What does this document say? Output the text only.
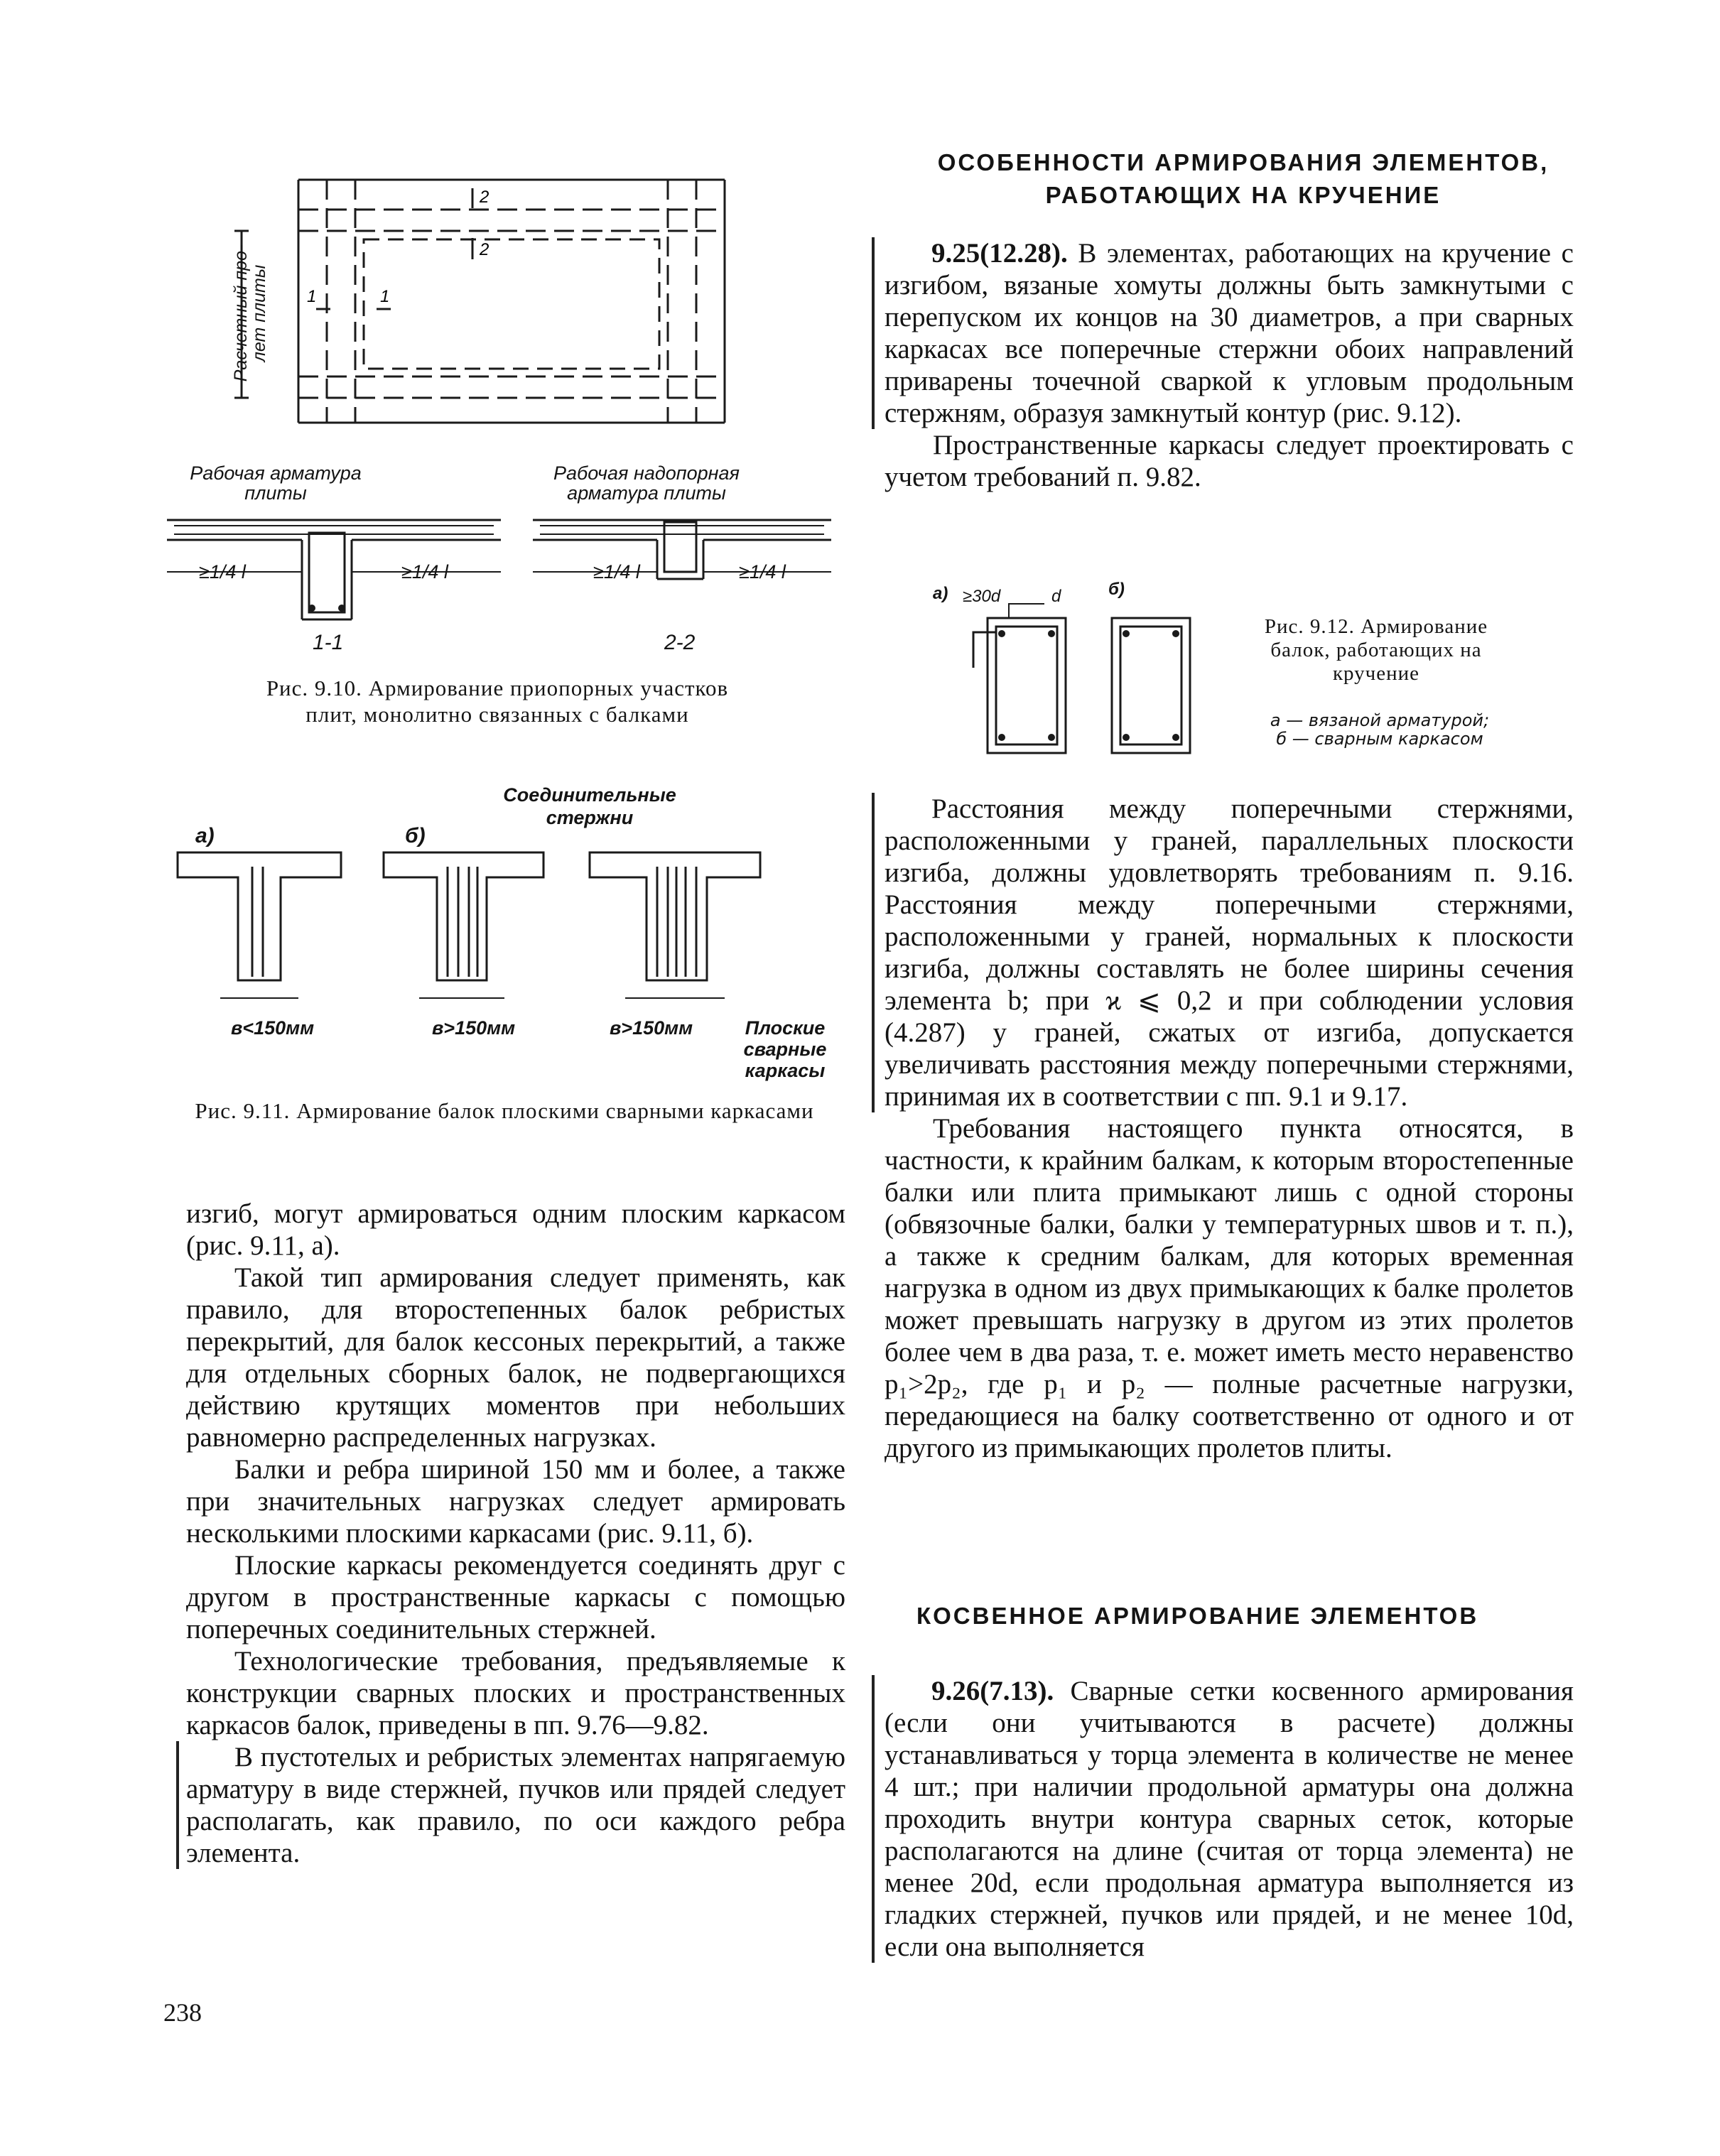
2
2
1	1
Расчетный про-
лет плиты
Рабочая арматура
плиты
≥1/4 l	≥1/4 l
1-1
Рабочая надопорная
арматура плиты
≥1/4 l	≥1/4 l
2-2
Рис. 9.10. Армирование приопорных участков плит, монолитно связанных с балками
а)	б)
Соединительные
стержни
в<150мм	в>150мм	в>150мм	Плоские
сварные
каркасы
Рис. 9.11. Армирование балок плоскими сварными каркасами

изгиб, могут армироваться одним плоским каркасом (рис. 9.11, а).

Такой тип армирования следует применять, как правило, для второстепенных балок ребристых перекрытий, для балок кессоных перекрытий, а также для отдельных сборных балок, не подвергающихся действию крутящих моментов при небольших равномерно распределенных нагрузках.

Балки и ребра шириной 150 мм и более, а также при значительных нагрузках следует армировать несколькими плоскими каркасами (рис. 9.11, б).

Плоские каркасы рекомендуется соединять друг с другом в пространственные каркасы с помощью поперечных соединительных стержней.

Технологические требования, предъявляемые к конструкции сварных плоских и пространственных каркасов балок, приведены в пп. 9.76—9.82.

В пустотелых и ребристых элементах напрягаемую арматуру в виде стержней, пучков или прядей следует располагать, как правило, по оси каждого ребра элемента.

238
ОСОБЕННОСТИ АРМИРОВАНИЯ ЭЛЕМЕНТОВ, РАБОТАЮЩИХ НА КРУЧЕНИЕ

9.25(12.28). В элементах, работающих на кручение с изгибом, вязаные хомуты должны быть замкнутыми с перепуском их концов на 30 диаметров, а при сварных каркасах все поперечные стержни обоих направлений приварены точечной сваркой к угловым продольным стержням, образуя замкнутый контур (рис. 9.12).

Пространственные каркасы следует проектировать с учетом требований п. 9.82.

а) ≥30d	d	б)
Рис. 9.12. Армирование балок, работающих на кручение
а — вязаной арматурой;
б — сварным каркасом

Расстояния между поперечными стержнями, расположенными у граней, параллельных плоскости изгиба, должны удовлетворять требованиям п. 9.16. Расстояния между поперечными стержнями, расположенными у граней, нормальных к плоскости изгиба, должны составлять не более ширины сечения элемента b; при ϰ ⩽ 0,2 и при соблюдении условия (4.287) у граней, сжатых от изгиба, допускается увеличивать расстояния между поперечными стержнями, принимая их в соответствии с пп. 9.1 и 9.17.

Требования настоящего пункта относятся, в частности, к крайним балкам, к которым второстепенные балки или плита примыкают лишь с одной стороны (обвязочные балки, балки у температурных швов и т. п.), а также к средним балкам, для которых временная нагрузка в одном из двух примыкающих к балке пролетов может превышать нагрузку в другом из этих пролетов более чем в два раза, т. е. может иметь место неравенство p₁>2p₂, где p₁ и p₂ — полные расчетные нагрузки, передающиеся на балку соответственно от одного и от другого из примыкающих пролетов плиты.

КОСВЕННОЕ АРМИРОВАНИЕ ЭЛЕМЕНТОВ

9.26(7.13). Сварные сетки косвенного армирования (если они учитываются в расчете) должны устанавливаться у торца элемента в количестве не менее 4 шт.; при наличии продольной арматуры она должна проходить внутри контура сварных сеток, которые располагаются на длине (считая от торца элемента) не менее 20d, если продольная арматура выполняется из гладких стержней, пучков или прядей, и не менее 10d, если она выполняется
